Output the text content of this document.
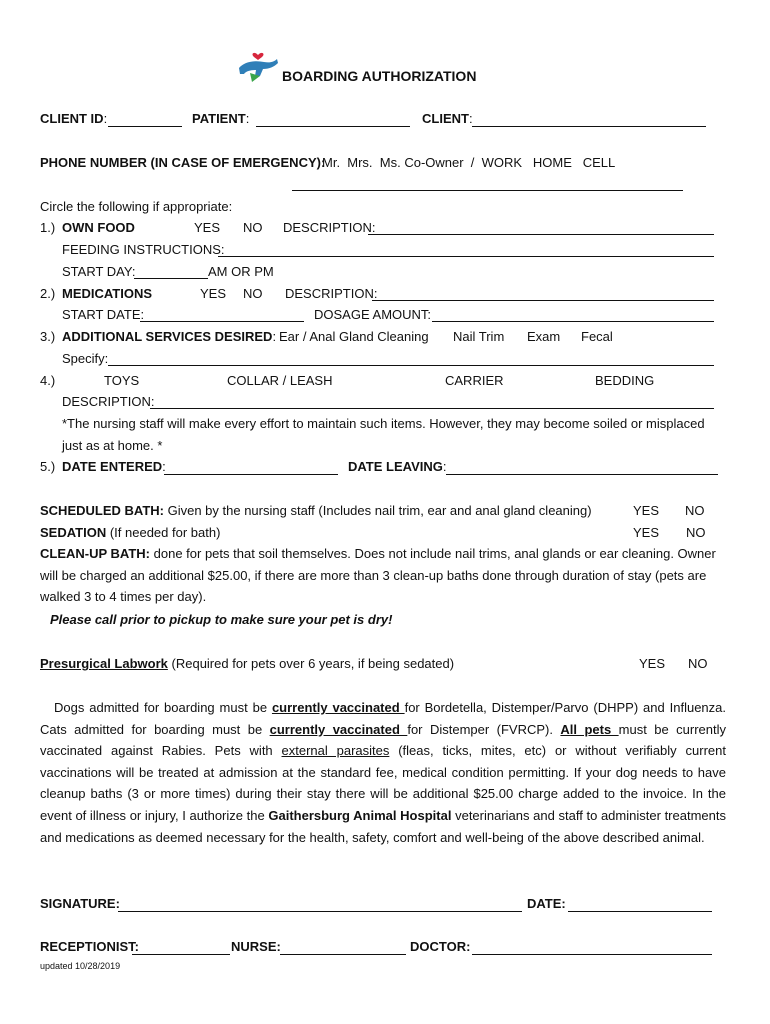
BOARDING AUTHORIZATION
CLIENT ID:	PATIENT:	CLIENT:
PHONE NUMBER (IN CASE OF EMERGENCY):
Mr.  Mrs.  Ms. Co-Owner  /  WORK   HOME   CELL
Circle the following if appropriate:
1.) OWN FOOD	YES NO DESCRIPTION:
FEEDING INSTRUCTIONS:
START DAY:	AM OR PM
2.) MEDICATIONS	YES NO DESCRIPTION:
START DATE:	DOSAGE AMOUNT:
3.) ADDITIONAL SERVICES DESIRED: Ear / Anal Gland Cleaning Nail Trim Exam Fecal
Specify:
4.)	TOYS	COLLAR / LEASH	CARRIER	BEDDING
DESCRIPTION:
*The nursing staff will make every effort to maintain such items. However, they may become soiled or misplaced just as at home. *
5.) DATE ENTERED:	DATE LEAVING:
SCHEDULED BATH: Given by the nursing staff (Includes nail trim, ear and anal gland cleaning)	YES NO
SEDATION (If needed for bath)	YES NO
CLEAN-UP BATH: done for pets that soil themselves. Does not include nail trims, anal glands or ear cleaning. Owner will be charged an additional $25.00, if there are more than 3 clean-up baths done through duration of stay (pets are walked 3 to 4 times per day).
Please call prior to pickup to make sure your pet is dry!
Presurgical Labwork (Required for pets over 6 years, if being sedated)	YES NO
Dogs admitted for boarding must be currently vaccinated for Bordetella, Distemper/Parvo (DHPP) and Influenza. Cats admitted for boarding must be currently vaccinated for Distemper (FVRCP). All pets must be currently vaccinated against Rabies. Pets with external parasites (fleas, ticks, mites, etc) or without verifiably current vaccinations will be treated at admission at the standard fee, medical condition permitting. If your dog needs to have cleanup baths (3 or more times) during their stay there will be additional $25.00 charge added to the invoice. In the event of illness or injury, I authorize the Gaithersburg Animal Hospital veterinarians and staff to administer treatments and medications as deemed necessary for the health, safety, comfort and well-being of the above described animal.
SIGNATURE:	DATE:
RECEPTIONIST:	NURSE:	DOCTOR:
updated 10/28/2019
